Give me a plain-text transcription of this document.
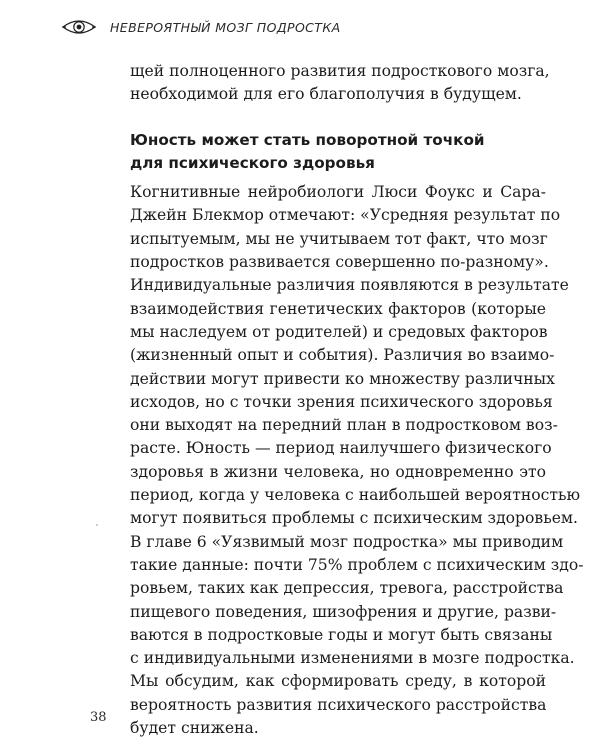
НЕВЕРОЯТНЫЙ МОЗГ ПОДРОСТКА
щей полноценного развития подросткового мозга,
необходимой для его благополучия в будущем.
Юность может стать поворотной точкой
для психического здоровья
Когнитивные нейробиологи Люси Фоукс и Сара-
Джейн Блекмор отмечают: «Усредняя результат по
испытуемым, мы не учитываем тот факт, что мозг
подростков развивается совершенно по-разному».
Индивидуальные различия появляются в результате
взаимодействия генетических факторов (которые
мы наследуем от родителей) и средовых факторов
(жизненный опыт и события). Различия во взаимо-
действии могут привести ко множеству различных
исходов, но с точки зрения психического здоровья
они выходят на передний план в подростковом воз-
расте. Юность — период наилучшего физического
здоровья в жизни человека, но одновременно это
период, когда у человека с наибольшей вероятностью
могут появиться проблемы с психическим здоровьем.
В главе 6 «Уязвимый мозг подростка» мы приводим
такие данные: почти 75% проблем с психическим здо-
ровьем, таких как депрессия, тревога, расстройства
пищевого поведения, шизофрения и другие, разви-
ваются в подростковые годы и могут быть связаны
с индивидуальными изменениями в мозге подростка.
Мы обсудим, как сформировать среду, в которой
вероятность развития психического расстройства
будет снижена.
38
